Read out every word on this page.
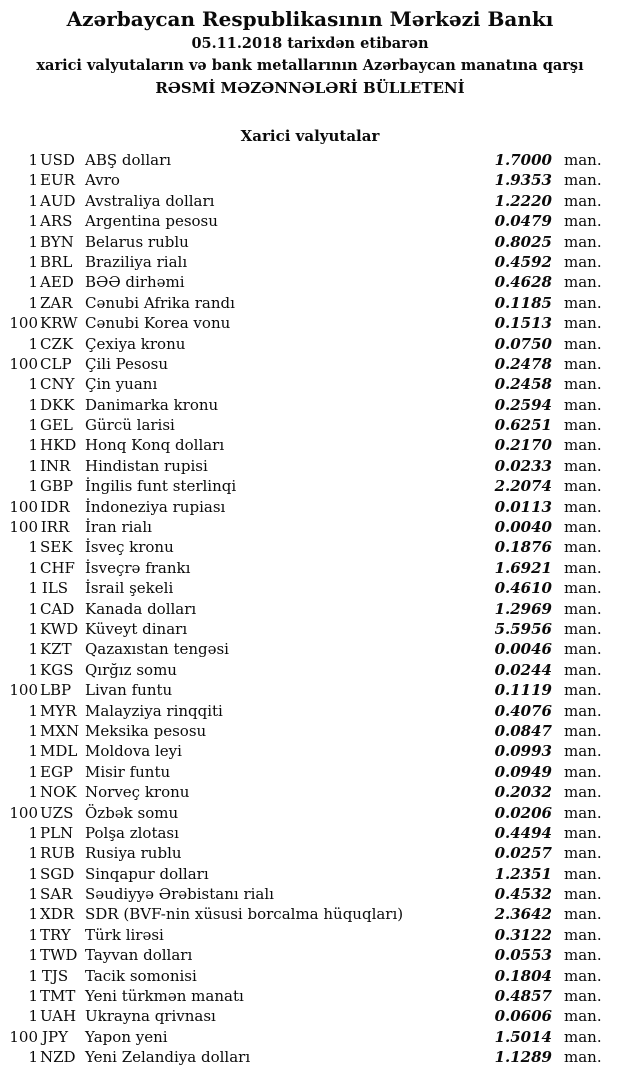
Azərbaycan Respublikasının Mərkəzi Bankı
05.11.2018 tarixdən etibarən
xarici valyutaların və bank metallarının Azərbaycan manatına qarşı
RƏSMİ MƏZƏNNƏLƏRİ BÜLLETENİ
Xarici valyutalar
1 USD ABŞ dolları	1.7000 man.
1 EUR Avro	1.9353 man.
1 AUD Avstraliya dolları	1.2220 man.
1 ARS Argentina pesosu	0.0479 man.
1 BYN Belarus rublu	0.8025 man.
1 BRL Braziliya rialı	0.4592 man.
1 AED BƏƏ dirhəmi	0.4628 man.
1 ZAR Cənubi Afrika randı	0.1185 man.
100 KRW Cənubi Korea vonu	0.1513 man.
1 CZK Çexiya kronu	0.0750 man.
100 CLP Çili Pesosu	0.2478 man.
1 CNY Çin yuanı	0.2458 man.
1 DKK Danimarka kronu	0.2594 man.
1 GEL Gürcü larisi	0.6251 man.
1 HKD Honq Konq dolları	0.2170 man.
1 INR Hindistan rupisi	0.0233 man.
1 GBP İngilis funt sterlinqi	2.2074 man.
100 IDR	İndoneziya rupiası	0.0113 man.
100 IRR	İran rialı	0.0040 man.
1 SEK İsveç kronu	0.1876 man.
1 CHF İsveçrə frankı	1.6921 man.
1 ILS	İsrail şekeli	0.4610 man.
1 CAD Kanada dolları	1.2969 man.
1 KWD Küveyt dinarı	5.5956 man.
1 KZT Qazaxıstan tengəsi	0.0046 man.
1 KGS Qırğız somu	0.0244 man.
100 LBP Livan funtu	0.1119 man.
1 MYR Malayziya rinqqiti	0.4076 man.
1 MXN Meksika pesosu	0.0847 man.
1 MDL Moldova leyi	0.0993 man.
1 EGP Misir funtu	0.0949 man.
1 NOK Norveç kronu	0.2032 man.
100 UZS Özbək somu	0.0206 man.
1 PLN Polşa zlotası	0.4494 man.
1 RUB Rusiya rublu	0.0257 man.
1 SGD Sinqapur dolları	1.2351 man.
1 SAR Səudiyyə Ərəbistanı rialı	0.4532 man.
1 XDR SDR (BVF-nin xüsusi borcalma hüquqları)	2.3642 man.
1 TRY Türk lirəsi	0.3122 man.
1 TWD Tayvan dolları	0.0553 man.
1 TJS	Tacik somonisi	0.1804 man.
1 TMT Yeni türkmən manatı	0.4857 man.
1 UAH Ukrayna qrivnası	0.0606 man.
100 JPY	Yapon yeni	1.5014 man.
1 NZD Yeni Zelandiya dolları	1.1289 man.
